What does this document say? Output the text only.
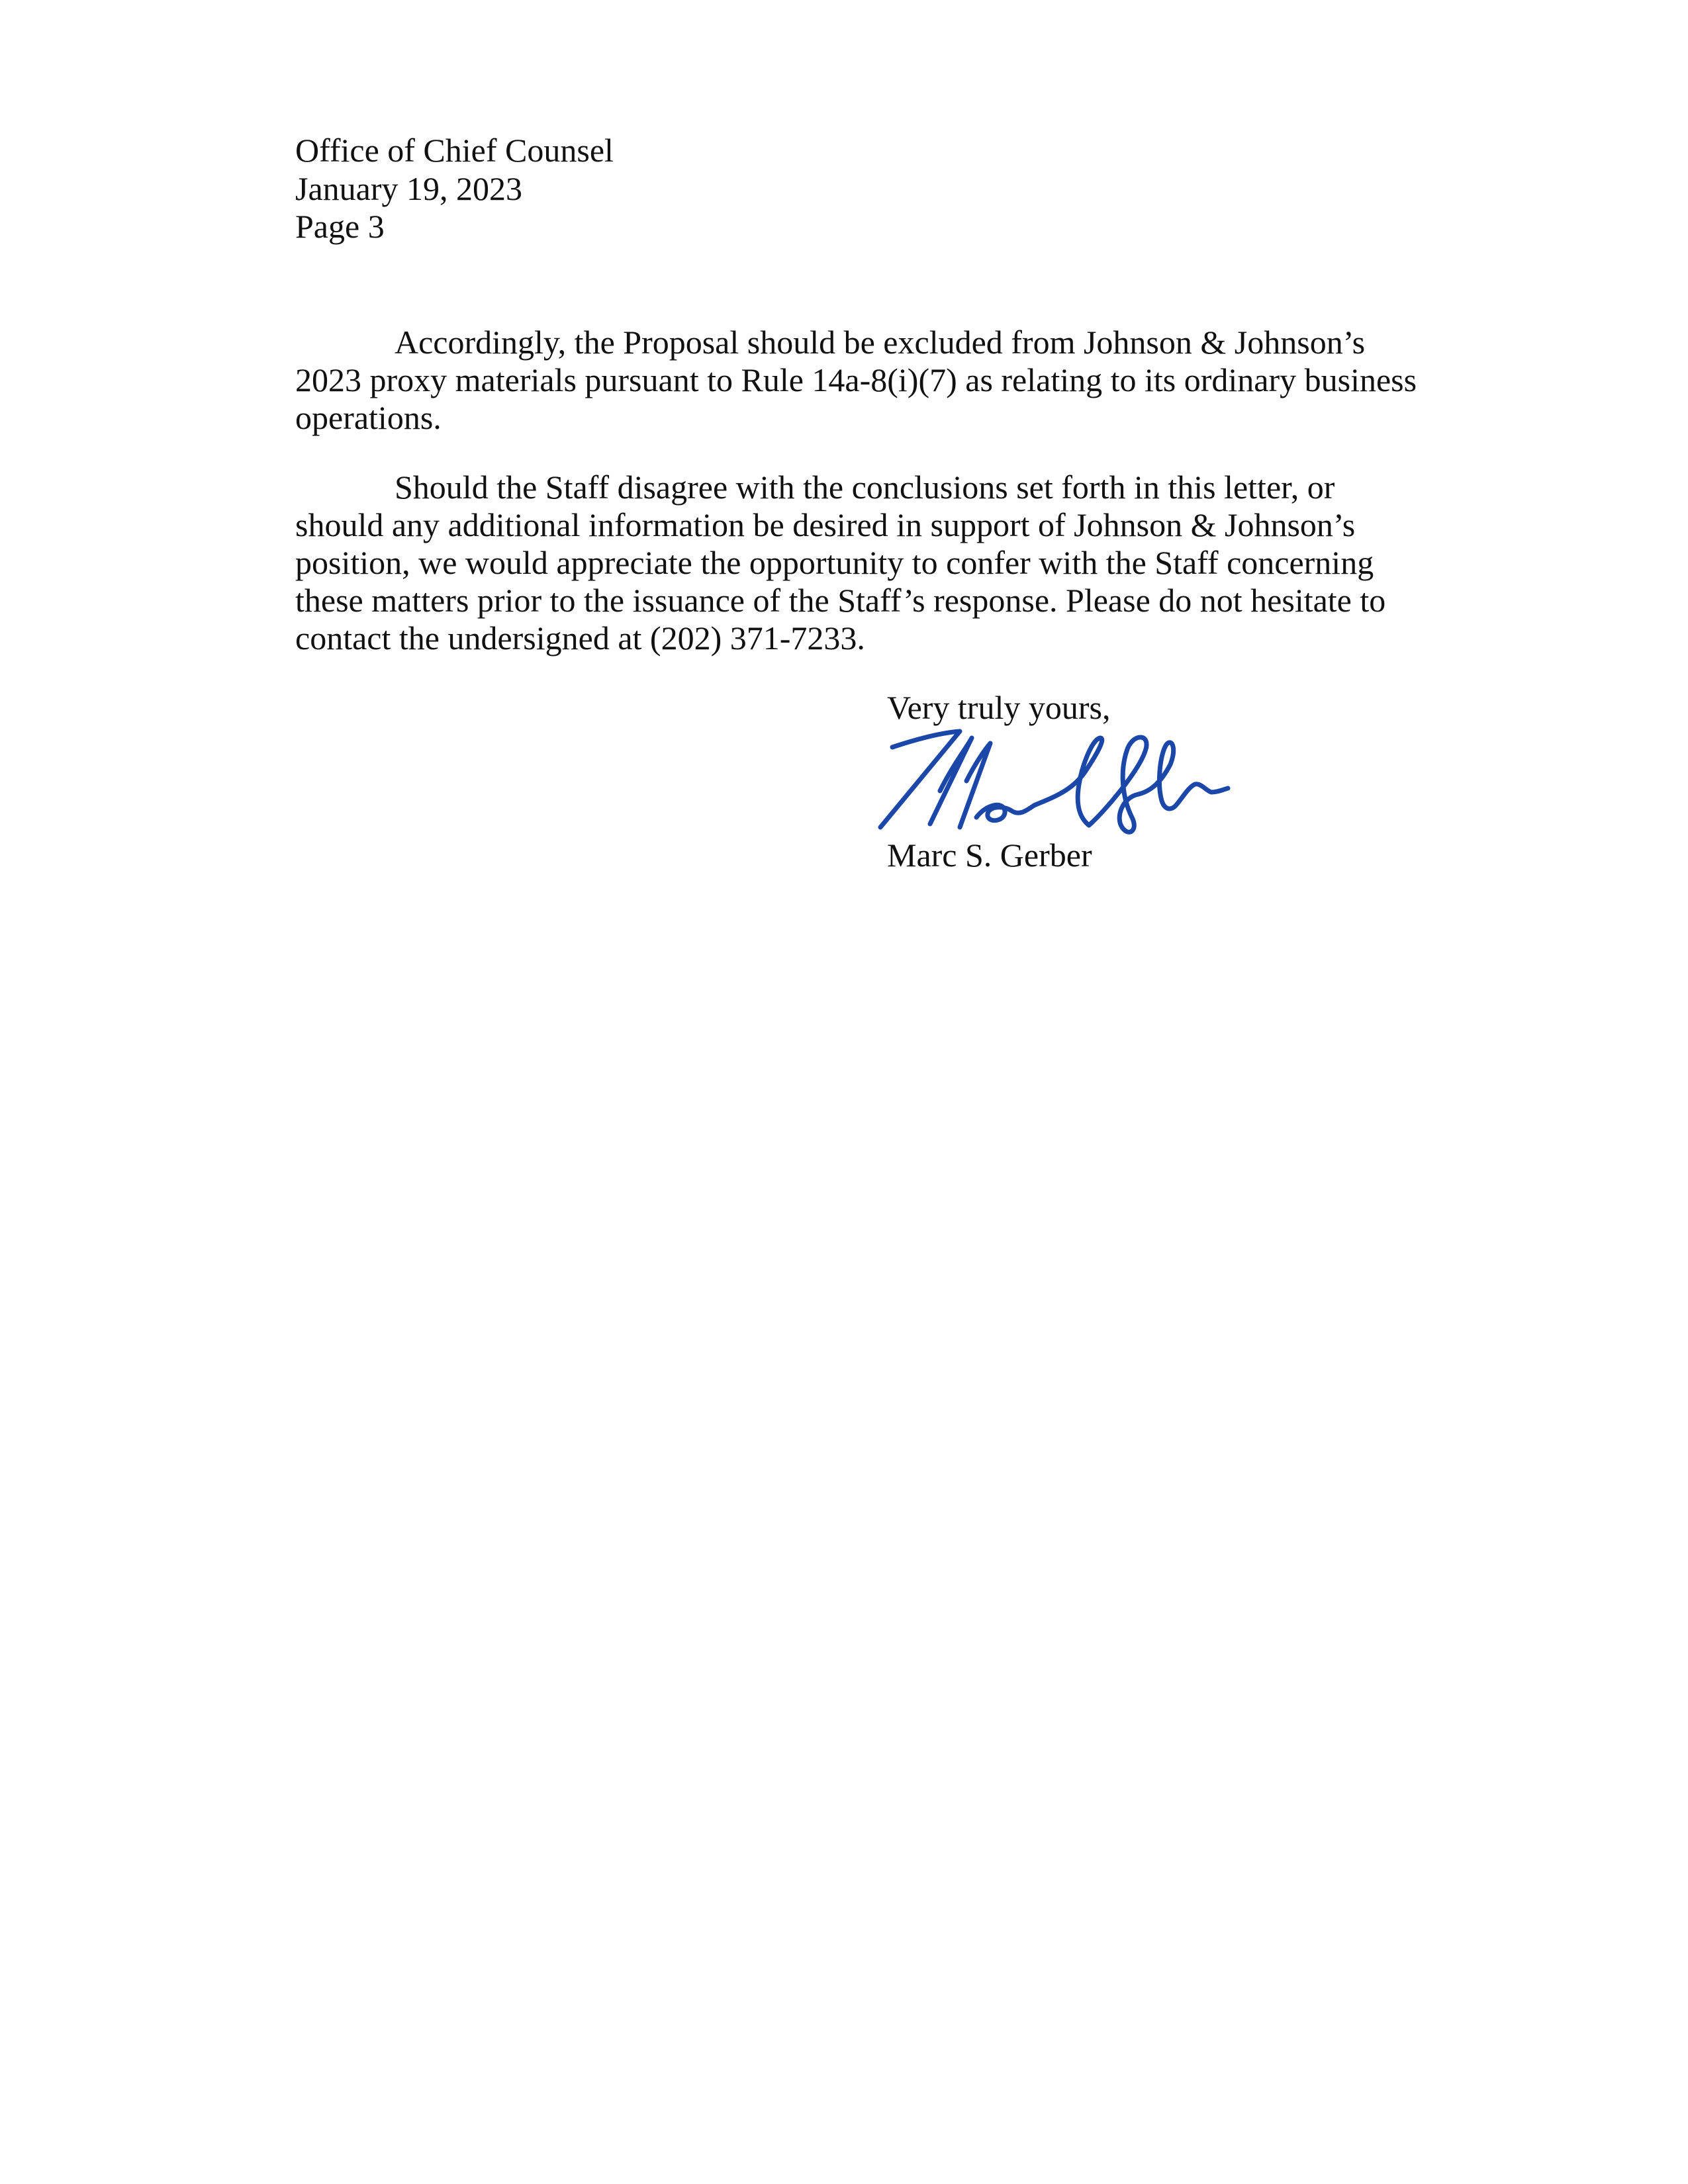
Office of Chief Counsel

January 19, 2023

Page 3

Accordingly, the Proposal should be excluded from Johnson & Johnson’s

2023 proxy materials pursuant to Rule 14a-8(i)(7) as relating to its ordinary business

operations.

Should the Staff disagree with the conclusions set forth in this letter, or

should any additional information be desired in support of Johnson & Johnson’s

position, we would appreciate the opportunity to confer with the Staff concerning

these matters prior to the issuance of the Staff’s response. Please do not hesitate to

contact the undersigned at (202) 371-7233.

Very truly yours,

Marc S. Gerber
